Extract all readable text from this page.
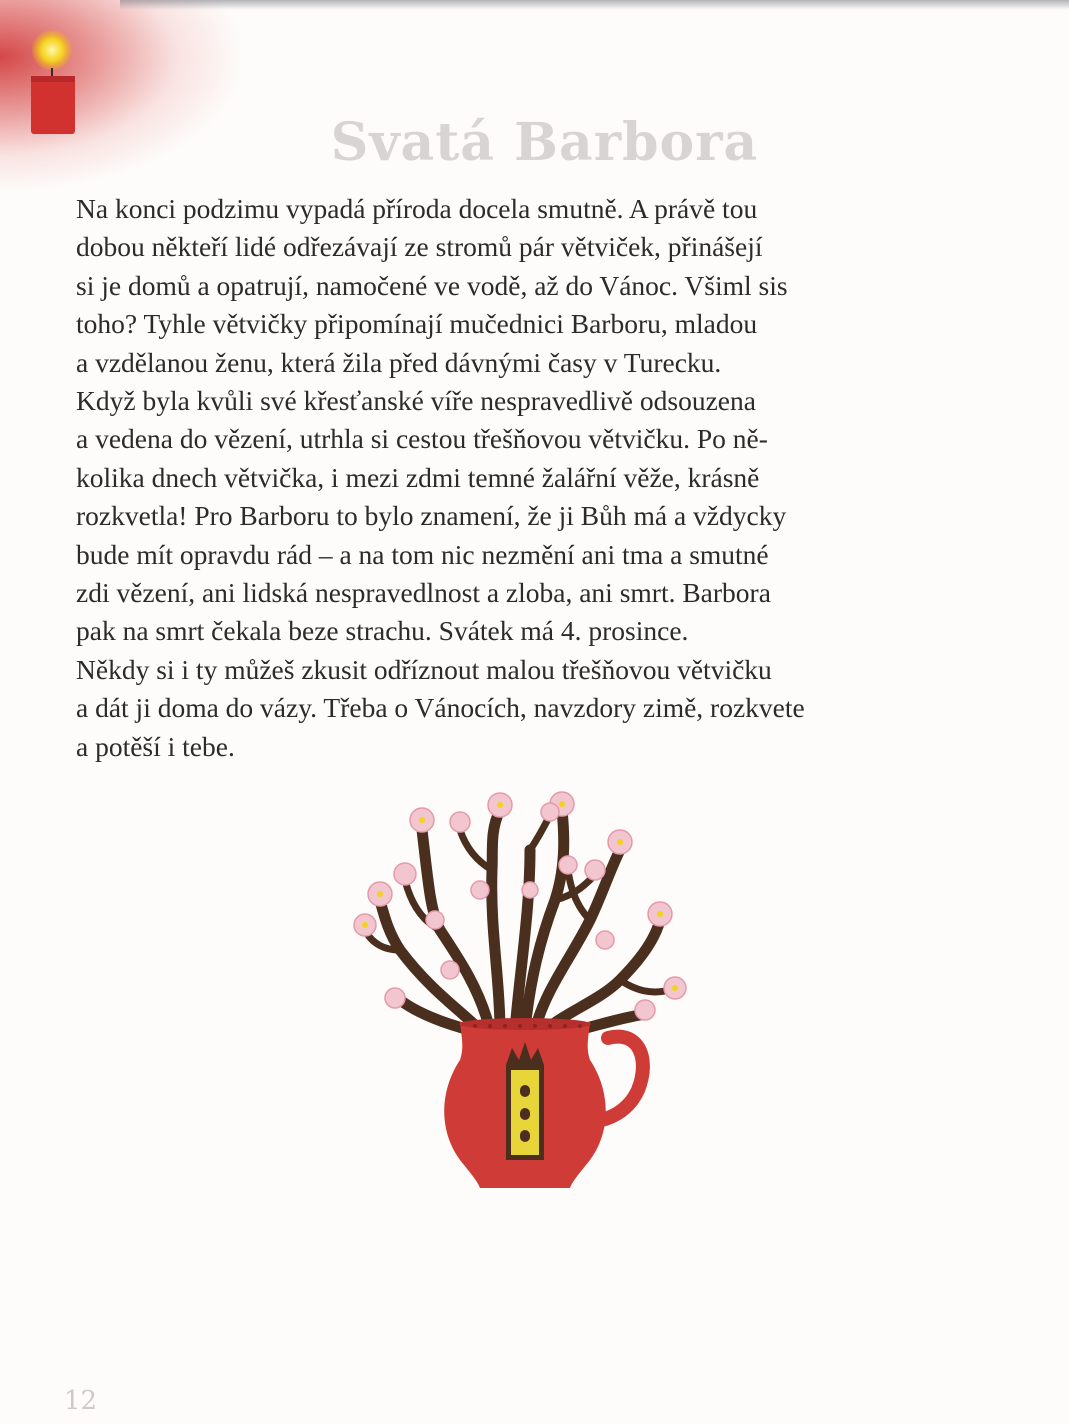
Svatá Barbora
Na konci podzimu vypadá příroda docela smutně. A právě tou
dobou někteří lidé odřezávají ze stromů pár větviček, přinášejí
si je domů a opatrují, namočené ve vodě, až do Vánoc. Všiml sis
toho? Tyhle větvičky připomínají mučednici Barboru, mladou
a vzdělanou ženu, která žila před dávnými časy v Turecku.
Když byla kvůli své křesťanské víře nespravedlivě odsouzena
a vedena do vězení, utrhla si cestou třešňovou větvičku. Po ně-
kolika dnech větvička, i mezi zdmi temné žalářní věže, krásně
rozkvetla! Pro Barboru to bylo znamení, že ji Bůh má a vždycky
bude mít opravdu rád – a na tom nic nezmění ani tma a smutné
zdi vězení, ani lidská nespravedlnost a zloba, ani smrt. Barbora
pak na smrt čekala beze strachu. Svátek má 4. prosince.
Někdy si i ty můžeš zkusit odříznout malou třešňovou větvičku
a dát ji doma do vázy. Třeba o Vánocích, navzdory zimě, rozkvete
a potěší i tebe.
12
